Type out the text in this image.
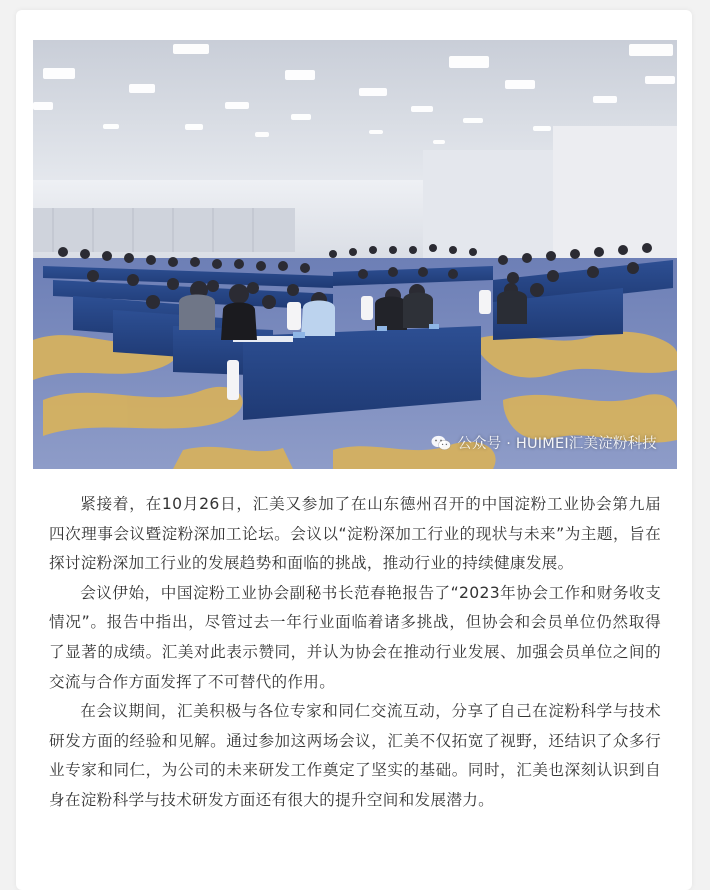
公众号 · HUIMEI汇美淀粉科技

紧接着，在10月26日，汇美又参加了在山东德州召开的中国淀粉工业协会第九届四次理事会议暨淀粉深加工论坛。会议以“淀粉深加工行业的现状与未来”为主题，旨在探讨淀粉深加工行业的发展趋势和面临的挑战，推动行业的持续健康发展。

会议伊始，中国淀粉工业协会副秘书长范春艳报告了“2023年协会工作和财务收支情况”。报告中指出，尽管过去一年行业面临着诸多挑战，但协会和会员单位仍然取得了显著的成绩。汇美对此表示赞同，并认为协会在推动行业发展、加强会员单位之间的交流与合作方面发挥了不可替代的作用。

在会议期间，汇美积极与各位专家和同仁交流互动，分享了自己在淀粉科学与技术研发方面的经验和见解。通过参加这两场会议，汇美不仅拓宽了视野，还结识了众多行业专家和同仁，为公司的未来研发工作奠定了坚实的基础。同时，汇美也深刻认识到自身在淀粉科学与技术研发方面还有很大的提升空间和发展潜力。
